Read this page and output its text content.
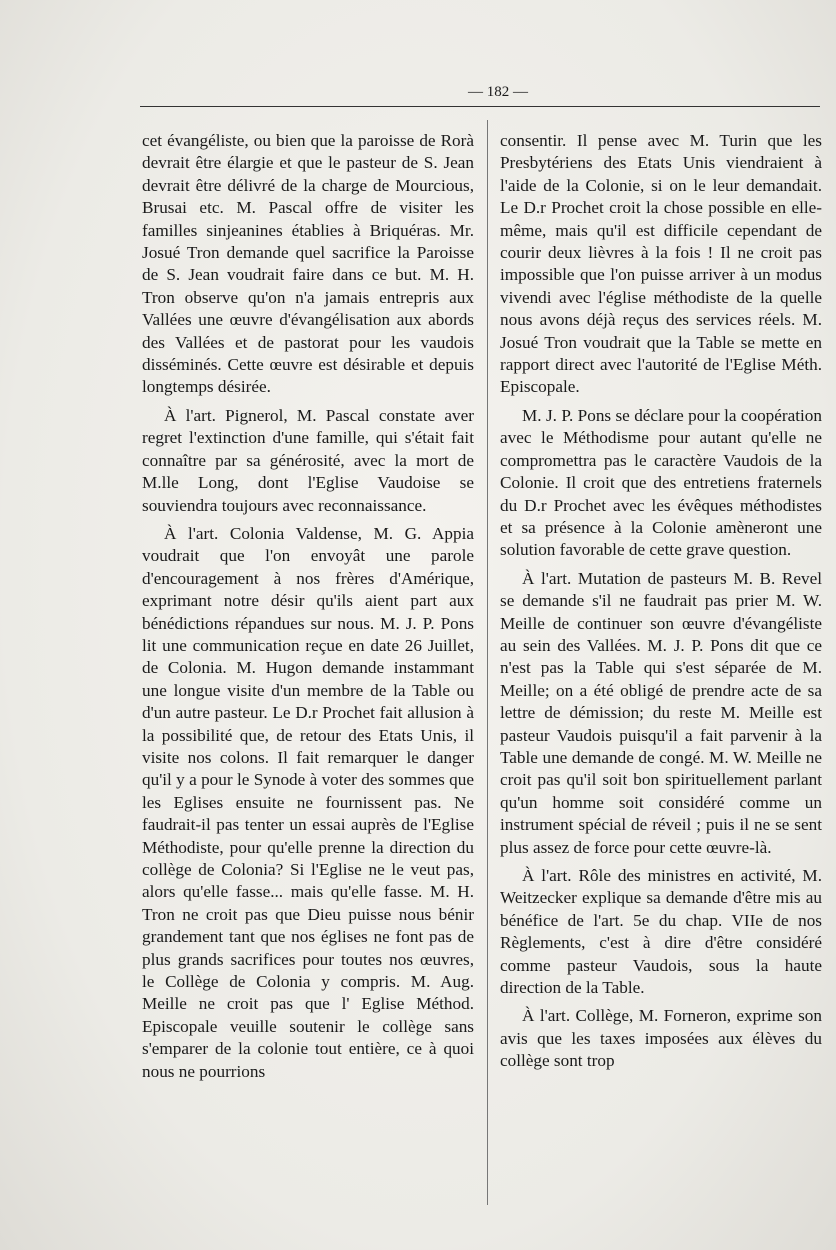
— 182 —

cet évangéliste, ou bien que la paroisse de Rorà devrait être élargie et que le pasteur de S. Jean devrait être délivré de la charge de Mourcious, Brusai etc. M. Pascal offre de visiter les familles sinjeanines établies à Briquéras. Mr. Josué Tron demande quel sacrifice la Paroisse de S. Jean voudrait faire dans ce but. M. H. Tron observe qu'on n'a jamais entrepris aux Vallées une œuvre d'évangélisation aux abords des Vallées et de pastorat pour les vaudois disséminés. Cette œuvre est désirable et depuis longtemps désirée.

À l'art. Pignerol, M. Pascal constate aver regret l'extinction d'une famille, qui s'était fait connaître par sa générosité, avec la mort de M.lle Long, dont l'Eglise Vaudoise se souviendra toujours avec reconnaissance.

À l'art. Colonia Valdense, M. G. Appia voudrait que l'on envoyât une parole d'encouragement à nos frères d'Amérique, exprimant notre désir qu'ils aient part aux bénédictions répandues sur nous. M. J. P. Pons lit une communication reçue en date 26 Juillet, de Colonia. M. Hugon demande instammant une longue visite d'un membre de la Table ou d'un autre pasteur. Le D.r Prochet fait allusion à la possibilité que, de retour des Etats Unis, il visite nos colons. Il fait remarquer le danger qu'il y a pour le Synode à voter des sommes que les Eglises ensuite ne fournissent pas. Ne faudrait-il pas tenter un essai auprès de l'Eglise Méthodiste, pour qu'elle prenne la direction du collège de Colonia? Si l'Eglise ne le veut pas, alors qu'elle fasse... mais qu'elle fasse. M. H. Tron ne croit pas que Dieu puisse nous bénir grandement tant que nos églises ne font pas de plus grands sacrifices pour toutes nos œuvres, le Collège de Colonia y compris. M. Aug. Meille ne croit pas que l' Eglise Méthod. Episcopale veuille soutenir le collège sans s'emparer de la colonie tout entière, ce à quoi nous ne pourrions

consentir. Il pense avec M. Turin que les Presbytériens des Etats Unis viendraient à l'aide de la Colonie, si on le leur demandait. Le D.r Prochet croit la chose possible en elle-même, mais qu'il est difficile cependant de courir deux lièvres à la fois ! Il ne croit pas impossible que l'on puisse arriver à un modus vivendi avec l'église méthodiste de la quelle nous avons déjà reçus des services réels. M. Josué Tron voudrait que la Table se mette en rapport direct avec l'autorité de l'Eglise Méth. Episcopale.

M. J. P. Pons se déclare pour la coopération avec le Méthodisme pour autant qu'elle ne compromettra pas le caractère Vaudois de la Colonie. Il croit que des entretiens fraternels du D.r Prochet avec les évêques méthodistes et sa présence à la Colonie amèneront une solution favorable de cette grave question.

À l'art. Mutation de pasteurs M. B. Revel se demande s'il ne faudrait pas prier M. W. Meille de continuer son œuvre d'évangéliste au sein des Vallées. M. J. P. Pons dit que ce n'est pas la Table qui s'est séparée de M. Meille; on a été obligé de prendre acte de sa lettre de démission; du reste M. Meille est pasteur Vaudois puisqu'il a fait parvenir à la Table une demande de congé. M. W. Meille ne croit pas qu'il soit bon spirituellement parlant qu'un homme soit considéré comme un instrument spécial de réveil ; puis il ne se sent plus assez de force pour cette œuvre-là.

À l'art. Rôle des ministres en activité, M. Weitzecker explique sa demande d'être mis au bénéfice de l'art. 5e du chap. VIIe de nos Règlements, c'est à dire d'être considéré comme pasteur Vaudois, sous la haute direction de la Table.

À l'art. Collège, M. Forneron, exprime son avis que les taxes imposées aux élèves du collège sont trop
